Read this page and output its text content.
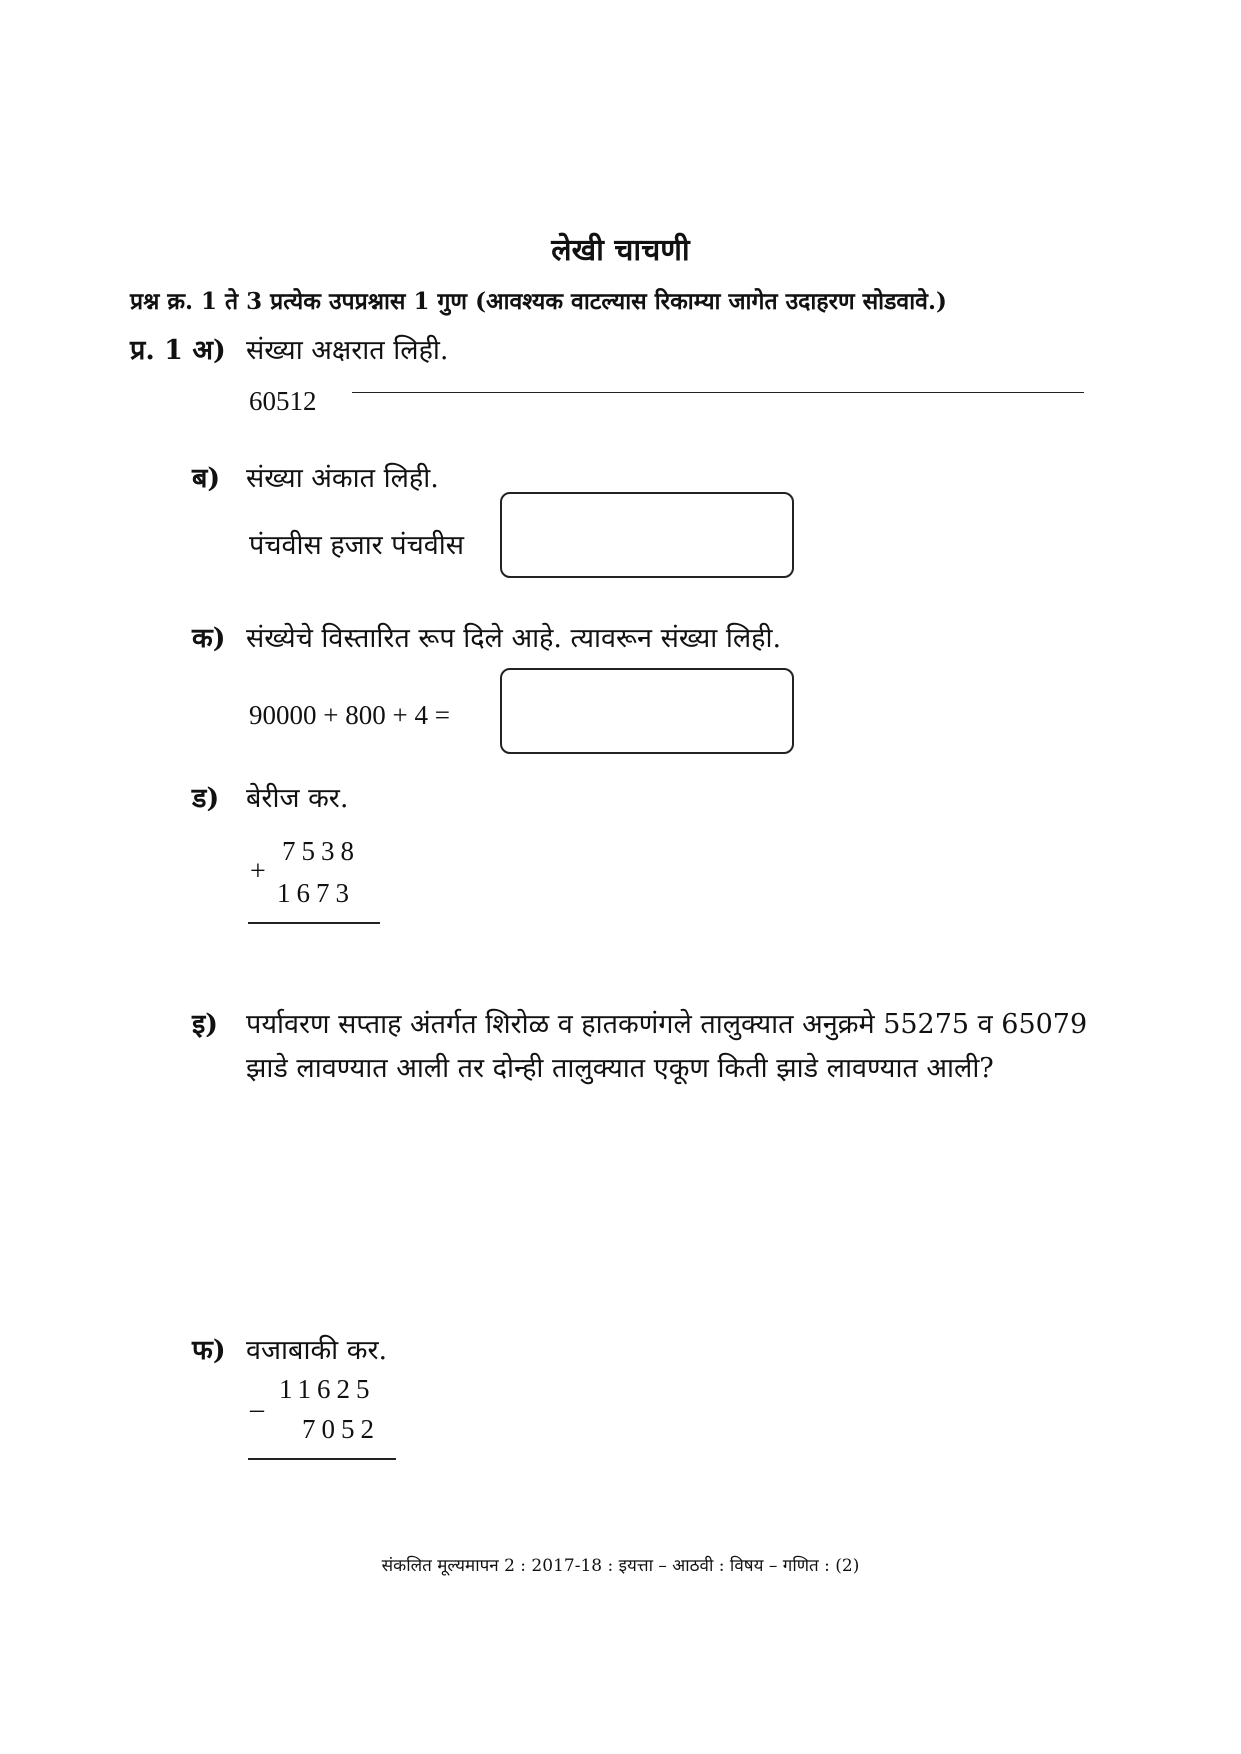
लेखी चाचणी
प्रश्न क्र. 1 ते 3 प्रत्येक उपप्रश्नास 1 गुण (आवश्यक वाटल्यास रिकाम्या जागेत उदाहरण सोडवावे.)
प्र. 1 अ) संख्या अक्षरात लिही.
60512
ब) संख्या अंकात लिही.
पंचवीस हजार पंचवीस
क) संख्येचे विस्तारित रूप दिले आहे. त्यावरून संख्या लिही.
90000 + 800 + 4 =
ड) बेरीज कर.
7538
+
1673
इ) पर्यावरण सप्ताह अंतर्गत शिरोळ व हातकणंगले तालुक्यात अनुक्रमे 55275 व 65079
झाडे लावण्यात आली तर दोन्ही तालुक्यात एकूण किती झाडे लावण्यात आली?
फ) वजाबाकी कर.
11625
–
7052
संकलित मूल्यमापन 2 : 2017-18 : इयत्ता – आठवी : विषय – गणित : (2)
